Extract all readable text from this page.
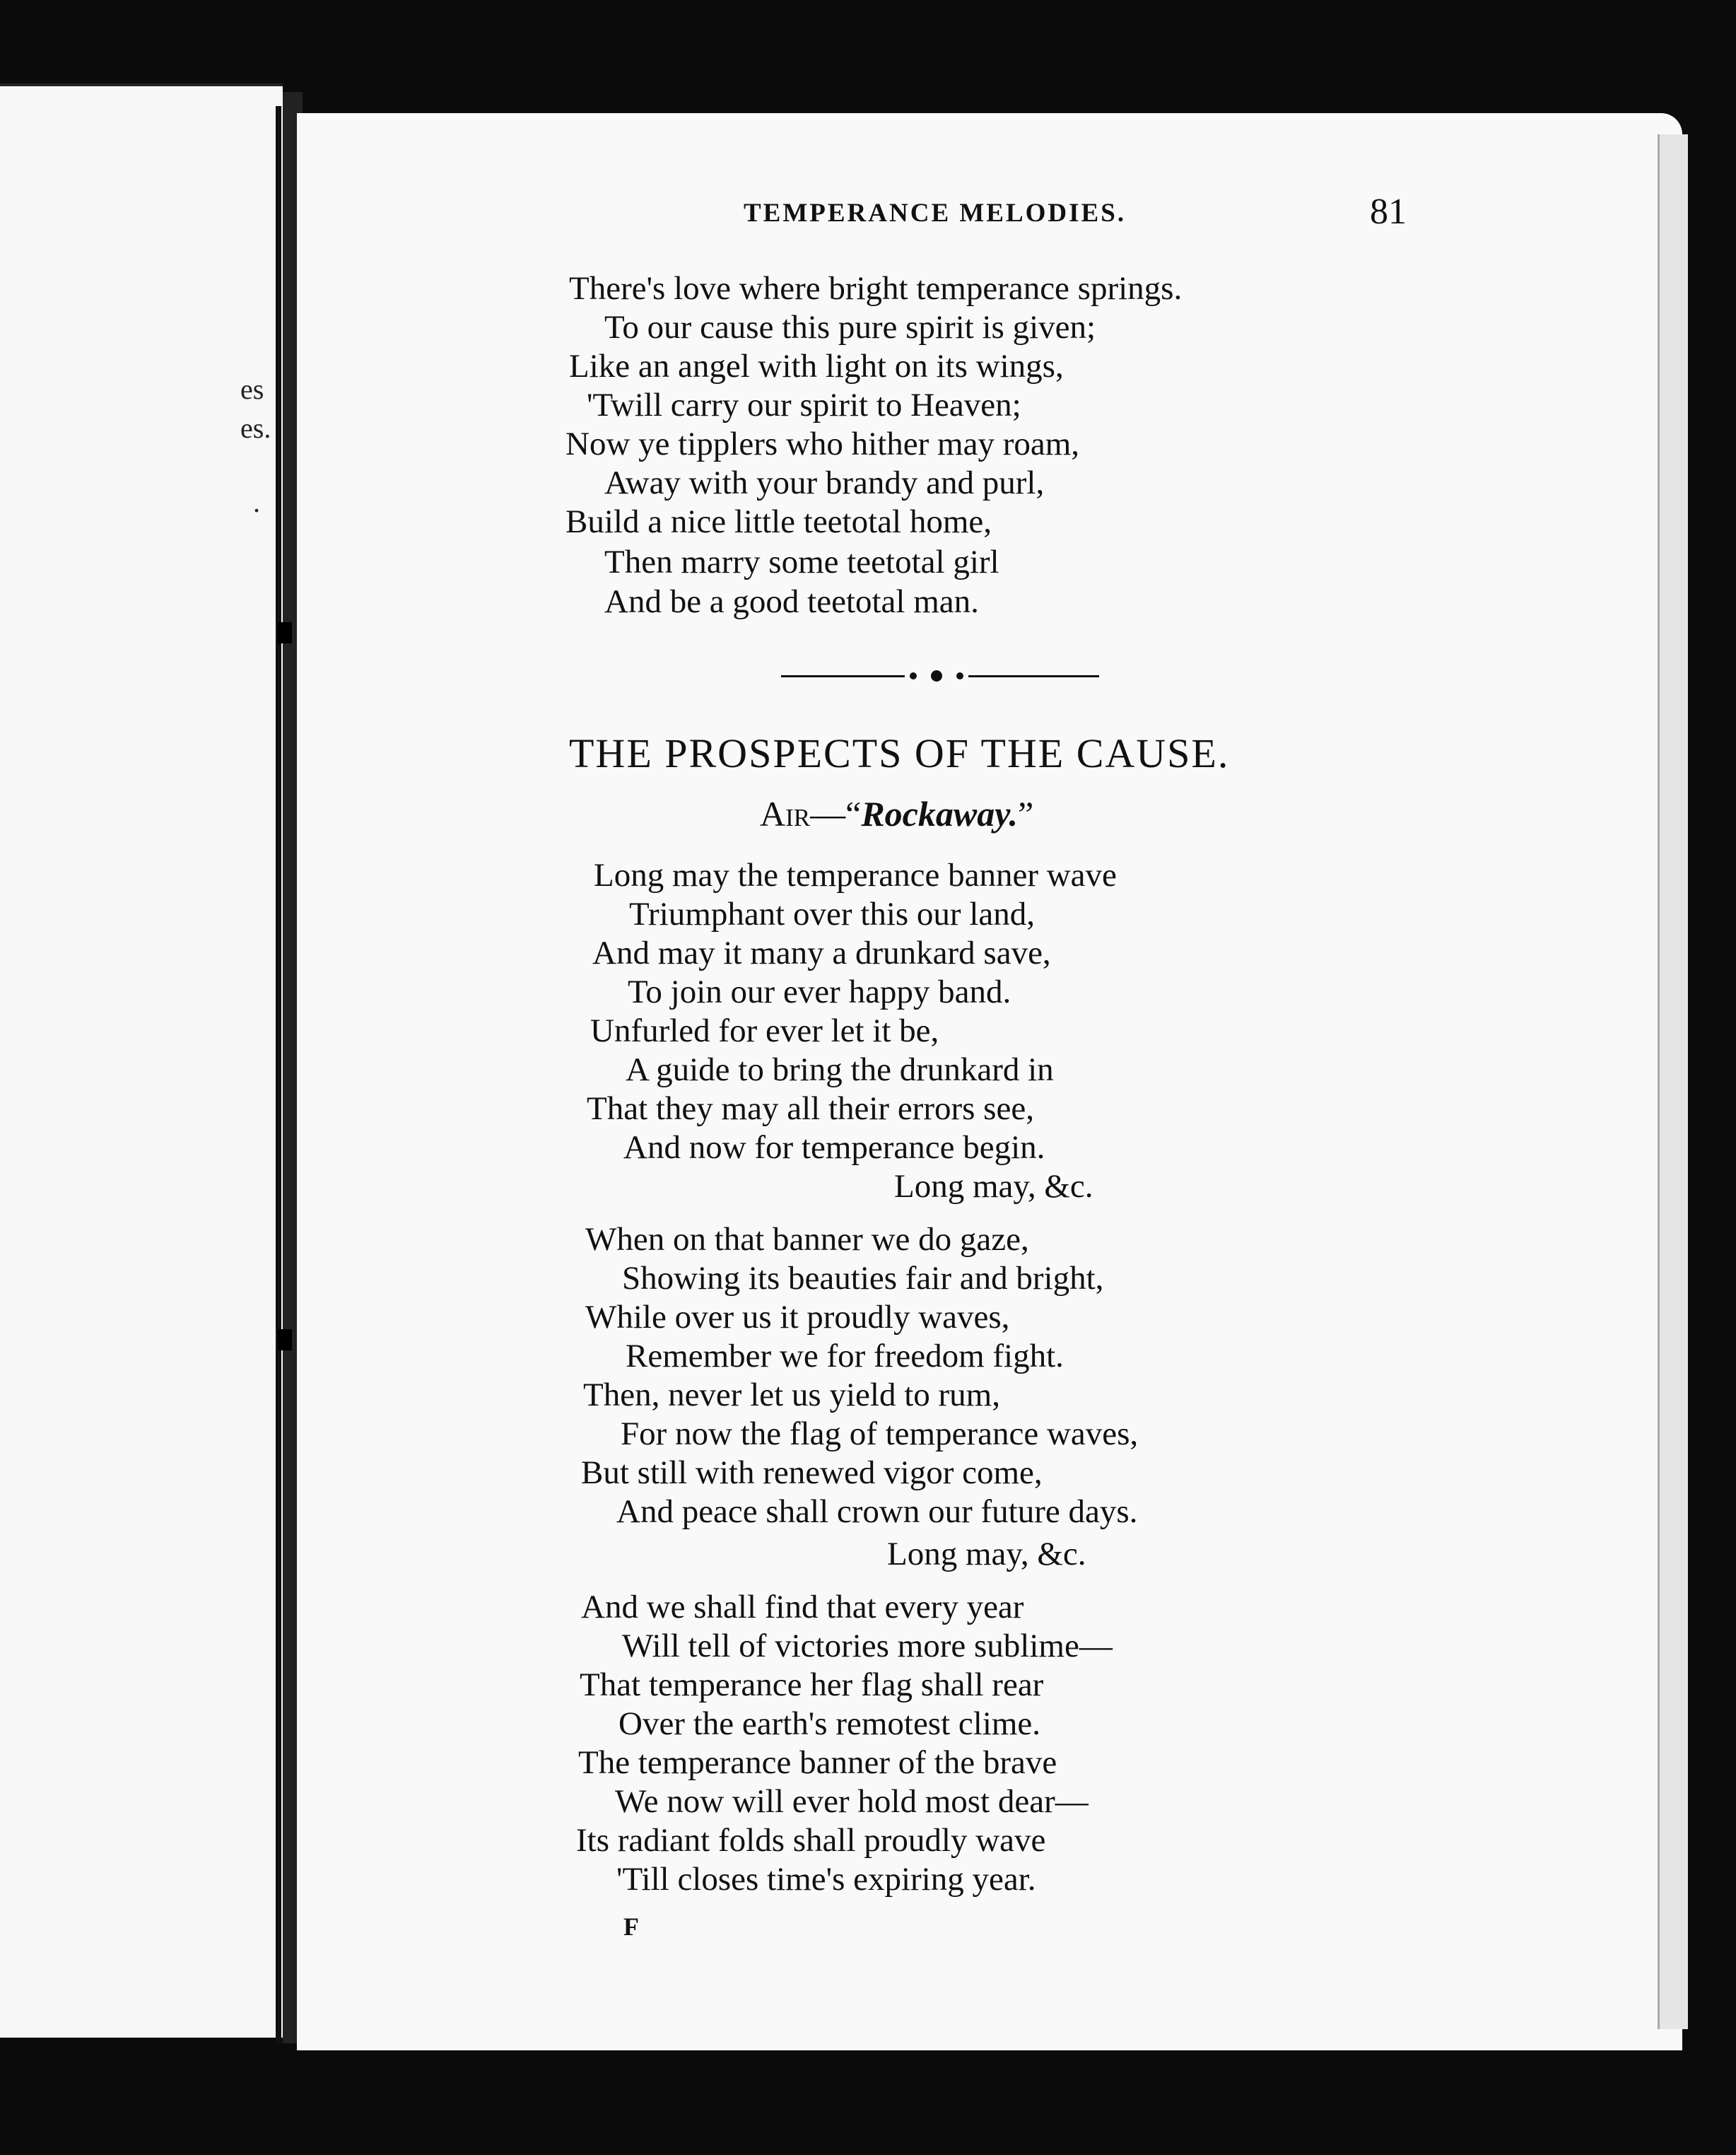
es
es.
.
TEMPERANCE MELODIES.	81
There's love where bright temperance springs.
To our cause this pure spirit is given;
Like an angel with light on its wings,
'Twill carry our spirit to Heaven;
Now ye tipplers who hither may roam,
Away with your brandy and purl,
Build a nice little teetotal home,
Then marry some teetotal girl
And be a good teetotal man.
THE PROSPECTS OF THE CAUSE.
Air—“Rockaway.”
Long may the temperance banner wave
Triumphant over this our land,
And may it many a drunkard save,
To join our ever happy band.
Unfurled for ever let it be,
A guide to bring the drunkard in
That they may all their errors see,
And now for temperance begin.
Long may, &c.
When on that banner we do gaze,
Showing its beauties fair and bright,
While over us it proudly waves,
Remember we for freedom fight.
Then, never let us yield to rum,
For now the flag of temperance waves,
But still with renewed vigor come,
And peace shall crown our future days.
Long may, &c.
And we shall find that every year
Will tell of victories more sublime—
That temperance her flag shall rear
Over the earth's remotest clime.
The temperance banner of the brave
We now will ever hold most dear—
Its radiant folds shall proudly wave
'Till closes time's expiring year.
F
